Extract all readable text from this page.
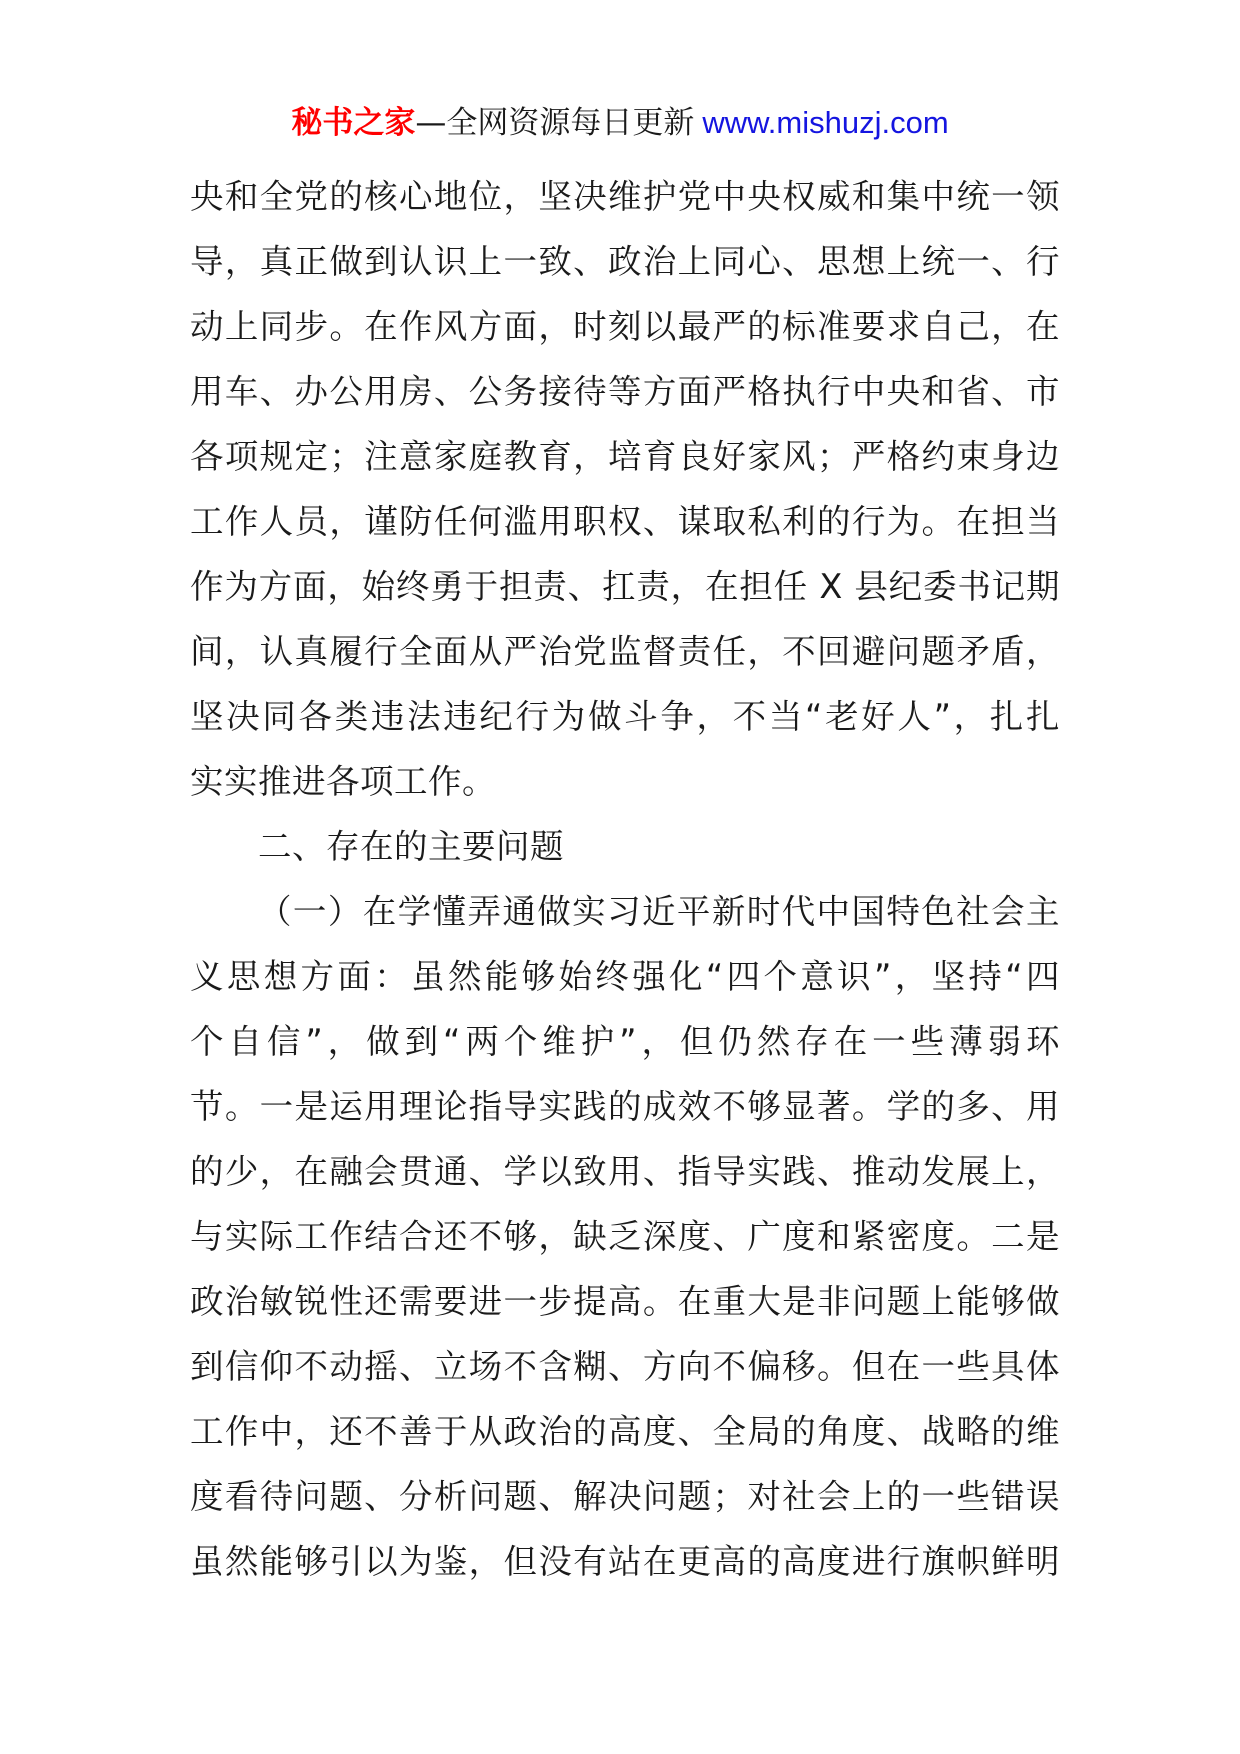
秘书之家—全网资源每日更新 www.mishuzj.com
央和全党的核心地位，坚决维护党中央权威和集中统一领
导，真正做到认识上一致、政治上同心、思想上统一、行
动上同步。在作风方面，时刻以最严的标准要求自己，在
用车、办公用房、公务接待等方面严格执行中央和省、市
各项规定；注意家庭教育，培育良好家风；严格约束身边
工作人员，谨防任何滥用职权、谋取私利的行为。在担当
作为方面，始终勇于担责、扛责，在担任 X 县纪委书记期
间，认真履行全面从严治党监督责任，不回避问题矛盾，
坚决同各类违法违纪行为做斗争，不当“老好人”，扎扎
实实推进各项工作。
二、存在的主要问题
（一）在学懂弄通做实习近平新时代中国特色社会主
义思想方面：虽然能够始终强化“四个意识”，坚持“四
个自信”，做到“两个维护”，但仍然存在一些薄弱环
节。一是运用理论指导实践的成效不够显著。学的多、用
的少，在融会贯通、学以致用、指导实践、推动发展上，
与实际工作结合还不够，缺乏深度、广度和紧密度。二是
政治敏锐性还需要进一步提高。在重大是非问题上能够做
到信仰不动摇、立场不含糊、方向不偏移。但在一些具体
工作中，还不善于从政治的高度、全局的角度、战略的维
度看待问题、分析问题、解决问题；对社会上的一些错误
虽然能够引以为鉴，但没有站在更高的高度进行旗帜鲜明
